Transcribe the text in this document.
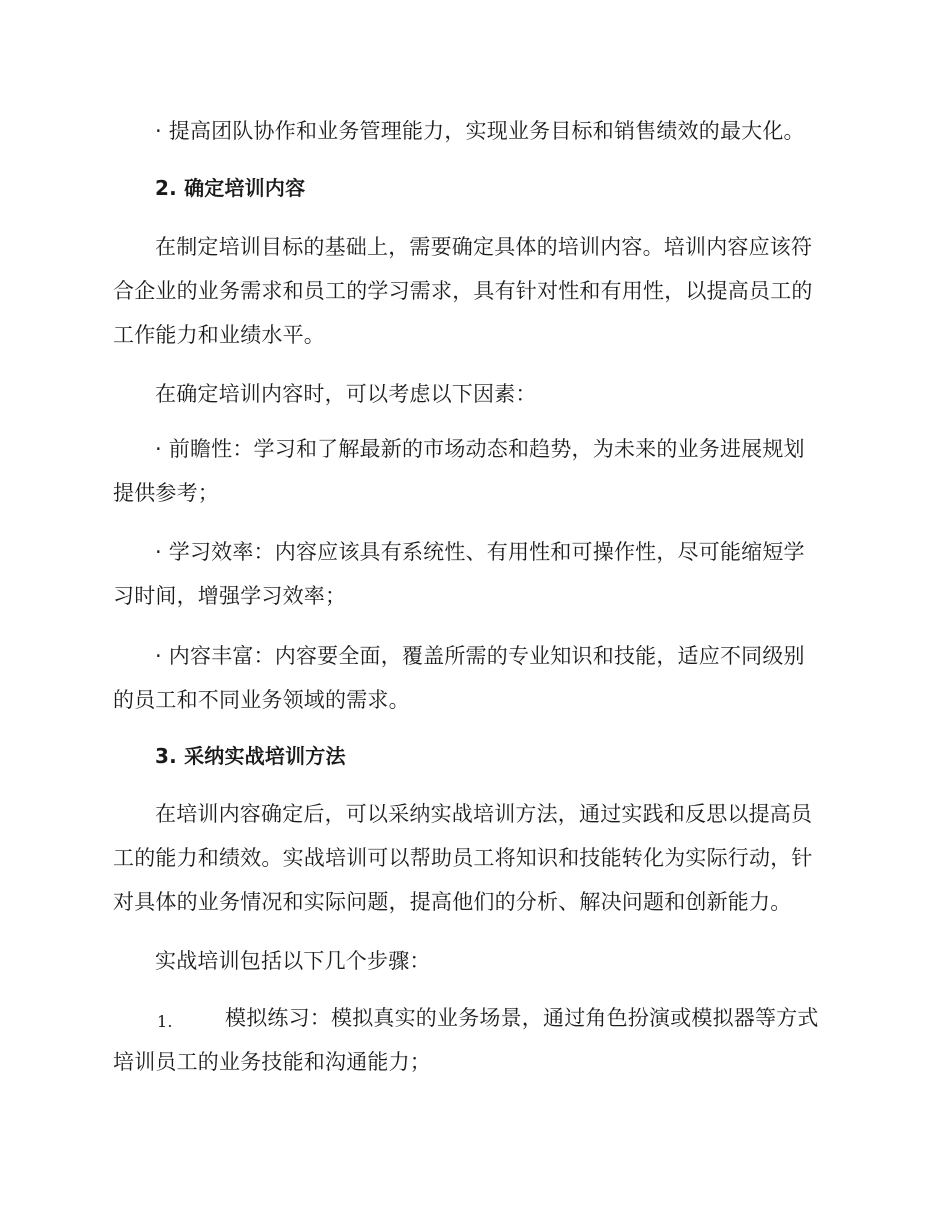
· 提高团队协作和业务管理能力，实现业务目标和销售绩效的最大化。

2. 确定培训内容

在制定培训目标的基础上，需要确定具体的培训内容。培训内容应该符

合企业的业务需求和员工的学习需求，具有针对性和有用性，以提高员工的

工作能力和业绩水平。

在确定培训内容时，可以考虑以下因素：

· 前瞻性：学习和了解最新的市场动态和趋势，为未来的业务进展规划

提供参考；

· 学习效率：内容应该具有系统性、有用性和可操作性，尽可能缩短学

习时间，增强学习效率；

· 内容丰富：内容要全面，覆盖所需的专业知识和技能，适应不同级别

的员工和不同业务领域的需求。

3. 采纳实战培训方法

在培训内容确定后，可以采纳实战培训方法，通过实践和反思以提高员

工的能力和绩效。实战培训可以帮助员工将知识和技能转化为实际行动，针

对具体的业务情况和实际问题，提高他们的分析、解决问题和创新能力。

实战培训包括以下几个步骤：

1. 模拟练习：模拟真实的业务场景，通过角色扮演或模拟器等方式

培训员工的业务技能和沟通能力；
